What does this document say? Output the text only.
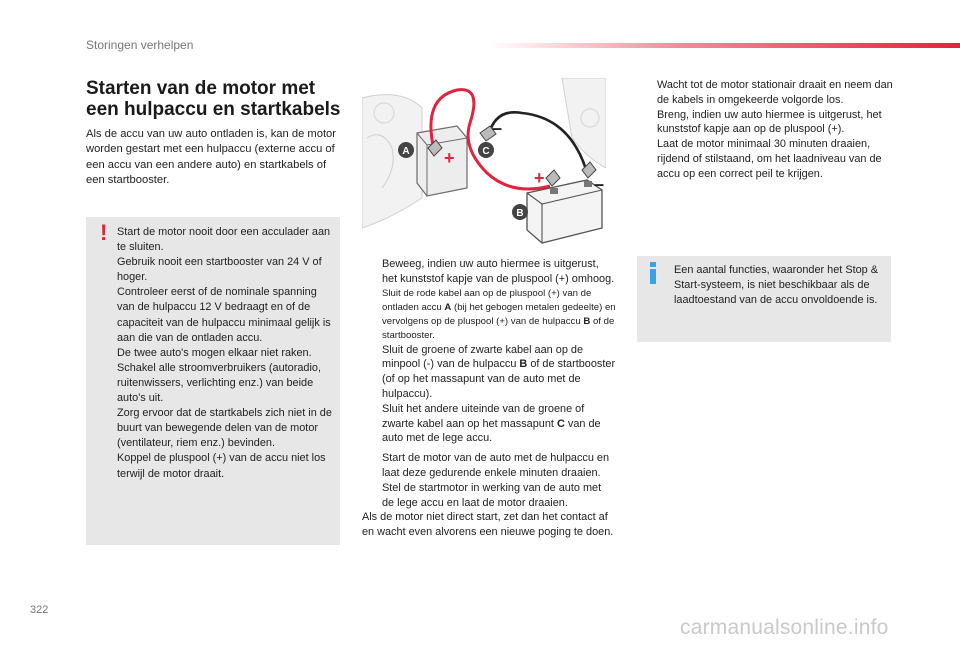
Storingen verhelpen
Starten van de motor met een hulpaccu en startkabels
Als de accu van uw auto ontladen is, kan de motor worden gestart met een hulpaccu (externe accu of een accu van een andere auto) en startkabels of een startbooster.
! Start de motor nooit door een acculader aan te sluiten.

Gebruik nooit een startbooster van 24 V of hoger.

Controleer eerst of de nominale spanning van de hulpaccu 12 V bedraagt en of de capaciteit van de hulpaccu minimaal gelijk is aan die van de ontladen accu.

De twee auto's mogen elkaar niet raken.

Schakel alle stroomverbruikers (autoradio, ruitenwissers, verlichting enz.) van beide auto's uit.

Zorg ervoor dat de startkabels zich niet in de buurt van bewegende delen van de motor (ventilateur, riem enz.) bevinden.

Koppel de pluspool (+) van de accu niet los terwijl de motor draait.

+
+
–
–
A	C
B
Beweeg, indien uw auto hiermee is uitgerust, het kunststof kapje van de pluspool (+) omhoog.
Sluit de rode kabel aan op de pluspool (+) van de ontladen accu A (bij het gebogen metalen gedeelte) en vervolgens op de pluspool (+) van de hulpaccu B of de startbooster.
Sluit de groene of zwarte kabel aan op de minpool (-) van de hulpaccu B of de startbooster (of op het massapunt van de auto met de hulpaccu).
Sluit het andere uiteinde van de groene of zwarte kabel aan op het massapunt C van de auto met de lege accu.
Start de motor van de auto met de hulpaccu en laat deze gedurende enkele minuten draaien.
Stel de startmotor in werking van de auto met de lege accu en laat de motor draaien.

Als de motor niet direct start, zet dan het contact af en wacht even alvorens een nieuwe poging te doen.

Wacht tot de motor stationair draait en neem dan de kabels in omgekeerde volgorde los.
Breng, indien uw auto hiermee is uitgerust, het kunststof kapje aan op de pluspool (+).
Laat de motor minimaal 30 minuten draaien, rijdend of stilstaand, om het laadniveau van de accu op een correct peil te krijgen.
Een aantal functies, waaronder het Stop & Start-systeem, is niet beschikbaar als de laadtoestand van de accu onvoldoende is.
322
carmanualsonline.info
